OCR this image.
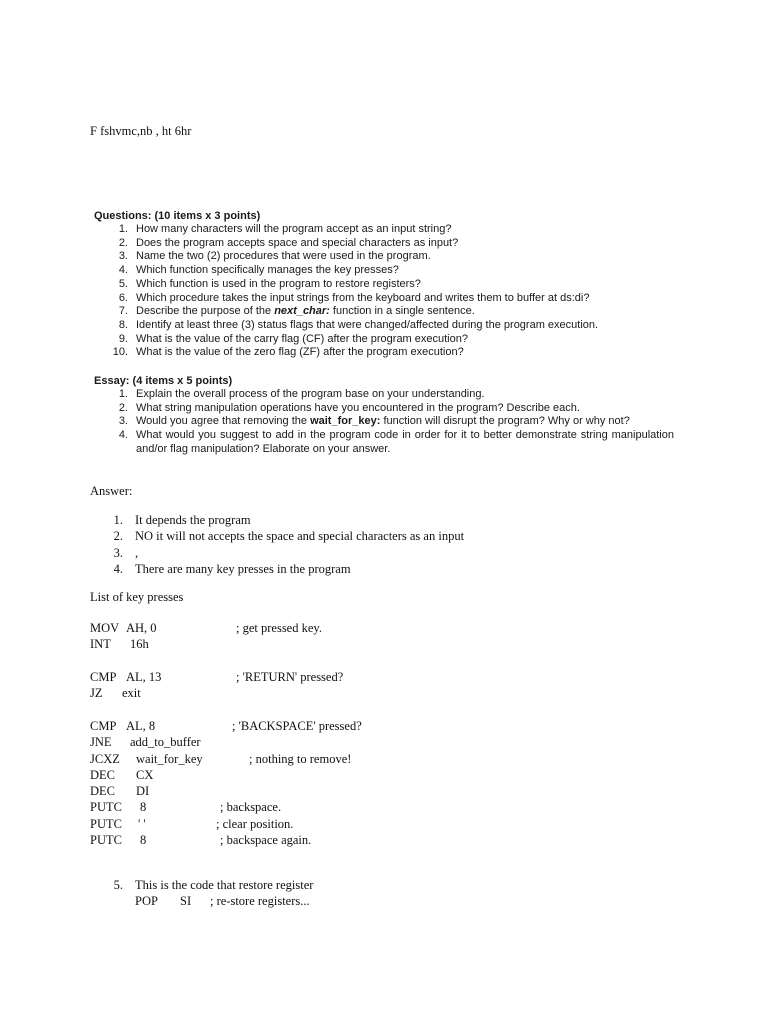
F fshvmc,nb , ht 6hr
Questions: (10 items x 3 points)
1. How many characters will the program accept as an input string?
2. Does the program accepts space and special characters as input?
3. Name the two (2) procedures that were used in the program.
4. Which function specifically manages the key presses?
5. Which function is used in the program to restore registers?
6. Which procedure takes the input strings from the keyboard and writes them to buffer at ds:di?
7. Describe the purpose of the next_char: function in a single sentence.
8. Identify at least three (3) status flags that were changed/affected during the program execution.
9. What is the value of the carry flag (CF) after the program execution?
10. What is the value of the zero flag (ZF) after the program execution?
Essay: (4 items x 5 points)
1. Explain the overall process of the program base on your understanding.
2. What string manipulation operations have you encountered in the program? Describe each.
3. Would you agree that removing the wait_for_key: function will disrupt the program? Why or why not?
4. What would you suggest to add in the program code in order for it to better demonstrate string manipulation and/or flag manipulation? Elaborate on your answer.
Answer:
1. It depends the program
2. NO it will not accepts the space and special characters as an input
3. ,
4. There are many key presses in the program
List of key presses
MOV AH, 0	; get pressed key.
INT 16h
CMP AL, 13	; 'RETURN' pressed?
JZ exit
CMP AL, 8	; 'BACKSPACE' pressed?
JNE add_to_buffer
JCXZ wait_for_key	; nothing to remove!
DEC CX
DEC DI
PUTC 8	; backspace.
PUTC ' '	; clear position.
PUTC 8	; backspace again.
5. This is the code that restore register
POP SI ; re-store registers...
